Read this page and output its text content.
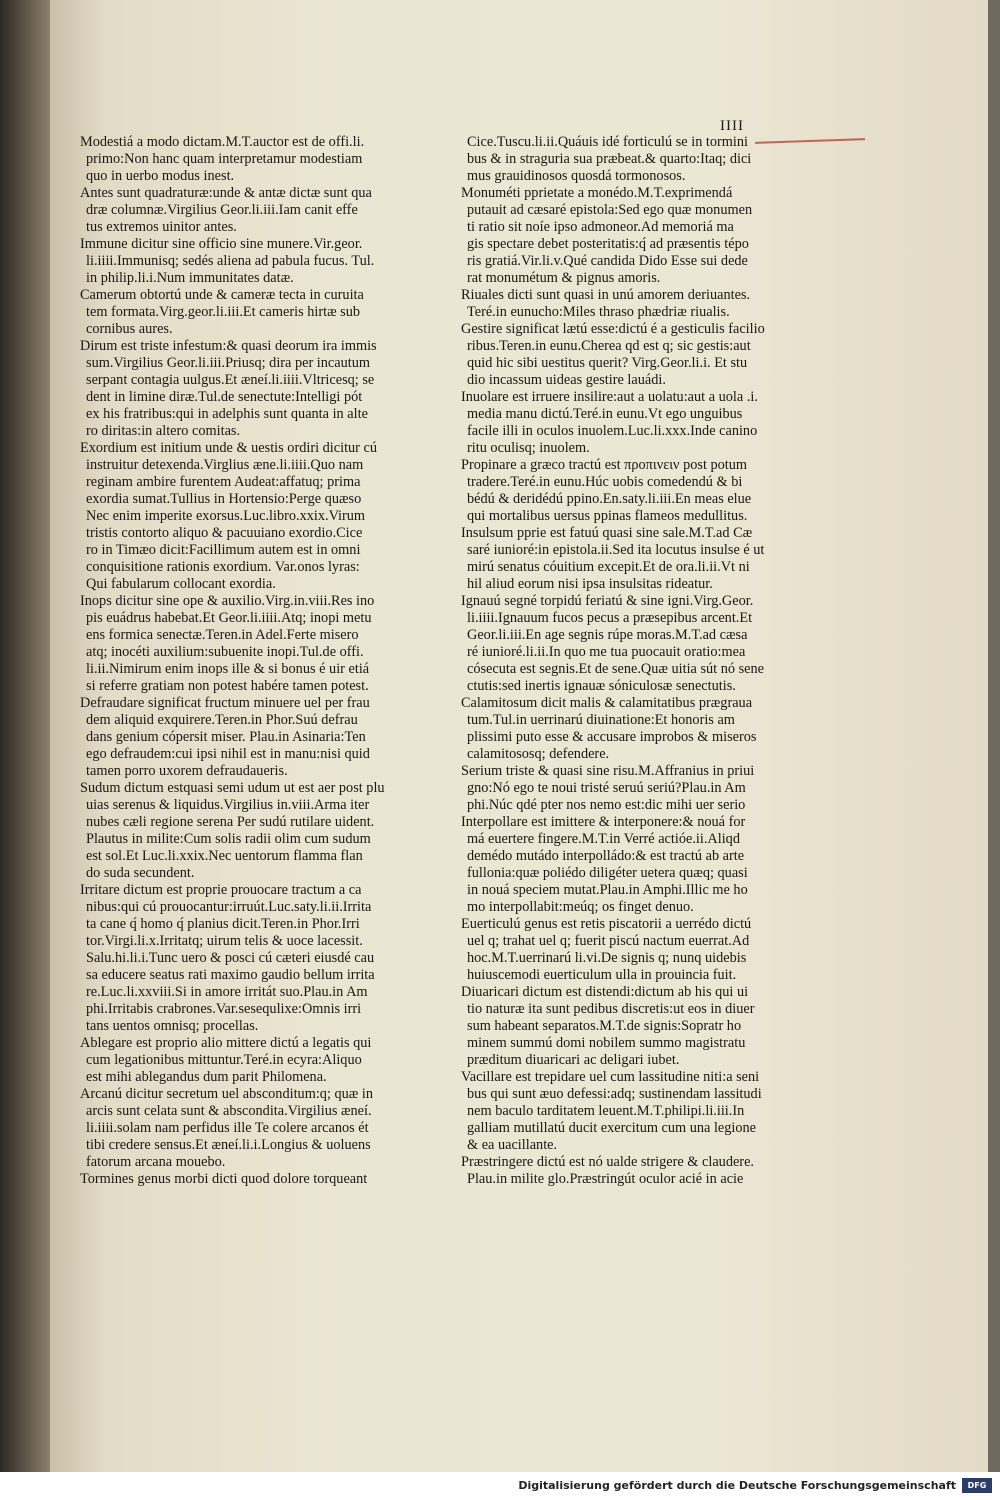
IIII

Modestiá a modo dictam.M.T.auctor est de offi.li.

primo:Non hanc quam interpretamur modestiam

quo in uerbo modus inest.

Antes sunt quadraturæ:unde & antæ dictæ sunt qua

dræ columnæ.Virgilius Geor.li.iii.Iam canit effe

tus extremos uinitor antes.

Immune dicitur sine officio sine munere.Vir.geor.

li.iiii.Immunisq; sedés aliena ad pabula fucus. Tul.

in philip.li.i.Num immunitates datæ.

Camerum obtortú unde & cameræ tecta in curuita

tem formata.Virg.geor.li.iii.Et cameris hirtæ sub

cornibus aures.

Dirum est triste infestum:& quasi deorum ira immis

sum.Virgilius Geor.li.iii.Priusq; dira per incautum

serpant contagia uulgus.Et æneí.li.iiii.Vltricesq; se

dent in limine diræ.Tul.de senectute:Intelligi pót

ex his fratribus:qui in adelphis sunt quanta in alte

ro diritas:in altero comitas.

Exordium est initium unde & uestis ordiri dicitur cú

instruitur detexenda.Virglius æne.li.iiii.Quo nam

reginam ambire furentem Audeat:affatuq; prima

exordia sumat.Tullius in Hortensio:Perge quæso

Nec enim imperite exorsus.Luc.libro.xxix.Virum

tristis contorto aliquo & pacuuiano exordio.Cice

ro in Timæo dicit:Facillimum autem est in omni

conquisitione rationis exordium. Var.onos lyras:

Qui fabularum collocant exordia.

Inops dicitur sine ope & auxilio.Virg.in.viii.Res ino

pis euádrus habebat.Et Geor.li.iiii.Atq; inopi metu

ens formica senectæ.Teren.in Adel.Ferte misero

atq; inocéti auxilium:subuenite inopi.Tul.de offi.

li.ii.Nimirum enim inops ille & si bonus é uir etiá

si referre gratiam non potest habére tamen potest.

Defraudare significat fructum minuere uel per frau

dem aliquid exquirere.Teren.in Phor.Suú defrau

dans genium cópersit miser. Plau.in Asinaria:Ten

ego defraudem:cui ipsi nihil est in manu:nisi quid

tamen porro uxorem defraudaueris.

Sudum dictum estquasi semi udum ut est aer post plu

uias serenus & liquidus.Virgilius in.viii.Arma iter

nubes cæli regione serena Per sudú rutilare uident.

Plautus in milite:Cum solis radii olim cum sudum

est sol.Et Luc.li.xxix.Nec uentorum flamma flan

do suda secundent.

Irritare dictum est proprie prouocare tractum a ca

nibus:qui cú prouocantur:irruút.Luc.saty.li.ii.Irrita

ta cane q́ homo q́ planius dicit.Teren.in Phor.Irri

tor.Virgi.li.x.Irritatq; uirum telis & uoce lacessit.

Salu.hi.li.i.Tunc uero & posci cú cæteri eiusdé cau

sa educere seatus rati maximo gaudio bellum irrita

re.Luc.li.xxviii.Si in amore irritát suo.Plau.in Am

phi.Irritabis crabrones.Var.sesequlixe:Omnis irri

tans uentos omnisq; procellas.

Ablegare est proprio alio mittere dictú a legatis qui

cum legationibus mittuntur.Teré.in ecyra:Aliquo

est mihi ablegandus dum parit Philomena.

Arcanú dicitur secretum uel absconditum:q; quæ in

arcis sunt celata sunt & abscondita.Virgilius æneí.

li.iiii.solam nam perfidus ille Te colere arcanos ét

tibi credere sensus.Et æneí.li.i.Longius & uoluens

fatorum arcana mouebo.

Tormines genus morbi dicti quod dolore torqueant

Cice.Tuscu.li.ii.Quáuis idé forticulú se in tormini

bus & in straguria sua præbeat.& quarto:Itaq; dici

mus grauidinosos quosdá tormonosos.

Monuméti pprietate a monédo.M.T.exprimendá

putauit ad cæsaré epistola:Sed ego quæ monumen

ti ratio sit noíe ipso admoneor.Ad memoriá ma

gis spectare debet posteritatis:q́ ad præsentis tépo

ris gratiá.Vir.li.v.Qué candida Dido Esse sui dede

rat monumétum & pignus amoris.

Riuales dicti sunt quasi in unú amorem deriuantes.

Teré.in eunucho:Miles thraso phædriæ riualis.

Gestire significat lætú esse:dictú é a gesticulis facilio

ribus.Teren.in eunu.Cherea qd est q; sic gestis:aut

quid hic sibi uestitus querit? Virg.Geor.li.i. Et stu

dio incassum uideas gestire lauádi.

Inuolare est irruere insilire:aut a uolatu:aut a uola .i.

media manu dictú.Teré.in eunu.Vt ego unguibus

facile illi in oculos inuolem.Luc.li.xxx.Inde canino

ritu oculisq; inuolem.

Propinare a græco tractú est προπινειν post potum

tradere.Teré.in eunu.Húc uobis comedendú & bi

bédú & deridédú ppino.En.saty.li.iii.En meas elue

qui mortalibus uersus ppinas flameos medullitus.

Insulsum pprie est fatuú quasi sine sale.M.T.ad Cæ

saré iunioré:in epistola.ii.Sed ita locutus insulse é ut

mirú senatus cóuitium excepit.Et de ora.li.ii.Vt ni

hil aliud eorum nisi ipsa insulsitas rideatur.

Ignauú segné torpidú feriatú & sine igni.Virg.Geor.

li.iiii.Ignauum fucos pecus a præsepibus arcent.Et

Geor.li.iii.En age segnis rúpe moras.M.T.ad cæsa

ré iunioré.li.ii.In quo me tua puocauit oratio:mea

cósecuta est segnis.Et de sene.Quæ uitia sút nó sene

ctutis:sed inertis ignauæ sóniculosæ senectutis.

Calamitosum dicit malis & calamitatibus prægraua

tum.Tul.in uerrinarú diuinatione:Et honoris am

plissimi puto esse & accusare improbos & miseros

calamitososq; defendere.

Serium triste & quasi sine risu.M.Affranius in priui

gno:Nó ego te noui tristé seruú seriú?Plau.in Am

phi.Núc qdé pter nos nemo est:dic mihi uer serio

Interpollare est imittere & interponere:& nouá for

má euertere fingere.M.T.in Verré actióe.ii.Aliqd

demédo mutádo interpolládo:& est tractú ab arte

fullonia:quæ poliédo diligéter uetera quæq; quasi

in nouá speciem mutat.Plau.in Amphi.Illic me ho

mo interpollabit:meúq; os finget denuo.

Euerticulú genus est retis piscatorii a uerrédo dictú

uel q; trahat uel q; fuerit piscú nactum euerrat.Ad

hoc.M.T.uerrinarú li.vi.De signis q; nunq uidebis

huiuscemodi euerticulum ulla in prouincia fuit.

Diuaricari dictum est distendi:dictum ab his qui ui

tio naturæ ita sunt pedibus discretis:ut eos in diuer

sum habeant separatos.M.T.de signis:Sopratr ho

minem summú domi nobilem summo magistratu

præditum diuaricari ac deligari iubet.

Vacillare est trepidare uel cum lassitudine niti:a seni

bus qui sunt æuo defessi:adq; sustinendam lassitudi

nem baculo tarditatem leuent.M.T.philipi.li.iii.In

galliam mutillatú ducit exercitum cum una legione

& ea uacillante.

Præstringere dictú est nó ualde strigere & claudere.

Plau.in milite glo.Præstringút oculor acié in acie

Digitalisierung gefördert durch die Deutsche Forschungsgemeinschaft	DFG
